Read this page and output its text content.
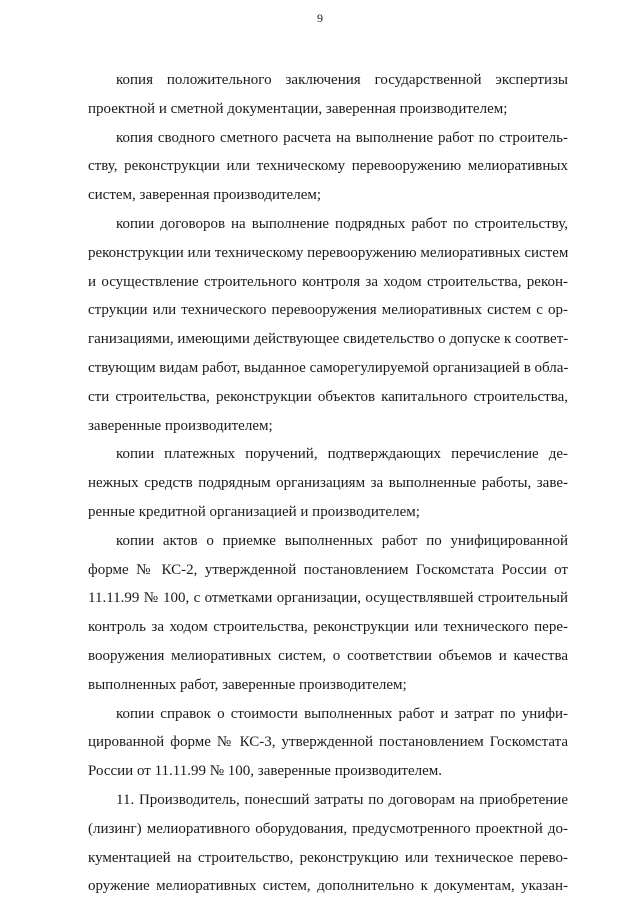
9
копия положительного заключения государственной экспертизы
проектной и сметной документации, заверенная производителем;
копия сводного сметного расчета на выполнение работ по строитель-
ству, реконструкции или техническому перевооружению мелиоративных
систем, заверенная производителем;
копии договоров на выполнение подрядных работ по строительству,
реконструкции или техническому перевооружению мелиоративных систем
и осуществление строительного контроля за ходом строительства, рекон-
струкции или технического перевооружения мелиоративных систем с ор-
ганизациями, имеющими действующее свидетельство о допуске к соответ-
ствующим видам работ, выданное саморегулируемой организацией в обла-
сти строительства, реконструкции объектов капитального строительства,
заверенные производителем;
копии платежных поручений, подтверждающих перечисление де-
нежных средств подрядным организациям за выполненные работы, заве-
ренные кредитной организацией и производителем;
копии актов о приемке выполненных работ по унифицированной
форме № КС-2, утвержденной постановлением Госкомстата России от
11.11.99 № 100, с отметками организации, осуществлявшей строительный
контроль за ходом строительства, реконструкции или технического пере-
вооружения мелиоративных систем, о соответствии объемов и качества
выполненных работ, заверенные производителем;
копии справок о стоимости выполненных работ и затрат по унифи-
цированной форме № КС-3, утвержденной постановлением Госкомстата
России от 11.11.99 № 100, заверенные производителем.
11. Производитель, понесший затраты по договорам на приобретение
(лизинг) мелиоративного оборудования, предусмотренного проектной до-
кументацией на строительство, реконструкцию или техническое перево-
оружение мелиоративных систем, дополнительно к документам, указан-
